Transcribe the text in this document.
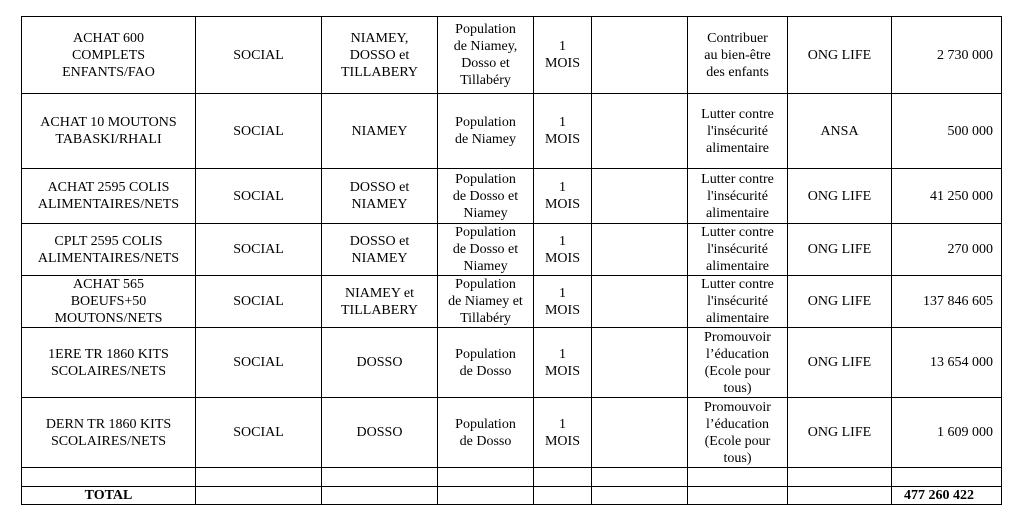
ACHAT 600
COMPLETS
ENFANTS/FAO	SOCIAL	NIAMEY,
DOSSO et
TILLABERY	Population
de Niamey,
Dosso et
Tillabéry	1
MOIS		Contribuer
au bien-être
des enfants	ONG LIFE	2 730 000

ACHAT 10 MOUTONS
TABASKI/RHALI	SOCIAL	NIAMEY	Population
de Niamey	1
MOIS		Lutter contre
l'insécurité
alimentaire	ANSA	500 000

ACHAT 2595 COLIS
ALIMENTAIRES/NETS	SOCIAL	DOSSO et
NIAMEY	Population
de Dosso et
Niamey	1
MOIS		Lutter contre
l'insécurité
alimentaire	ONG LIFE	41 250 000

CPLT 2595 COLIS
ALIMENTAIRES/NETS	SOCIAL	DOSSO et
NIAMEY	Population
de Dosso et
Niamey	1
MOIS		Lutter contre
l'insécurité
alimentaire	ONG LIFE	270 000

ACHAT 565
BOEUFS+50
MOUTONS/NETS	SOCIAL	NIAMEY et
TILLABERY	Population
de Niamey et
Tillabéry	1
MOIS		Lutter contre
l'insécurité
alimentaire	ONG LIFE	137 846 605

1ERE TR 1860 KITS
SCOLAIRES/NETS	SOCIAL	DOSSO	Population
de Dosso	1
MOIS		Promouvoir
l’éducation
(Ecole pour
tous)	ONG LIFE	13 654 000

DERN TR 1860 KITS
SCOLAIRES/NETS	SOCIAL	DOSSO	Population
de Dosso	1
MOIS		Promouvoir
l’éducation
(Ecole pour
tous)	ONG LIFE	1 609 000

TOTAL								477 260 422
